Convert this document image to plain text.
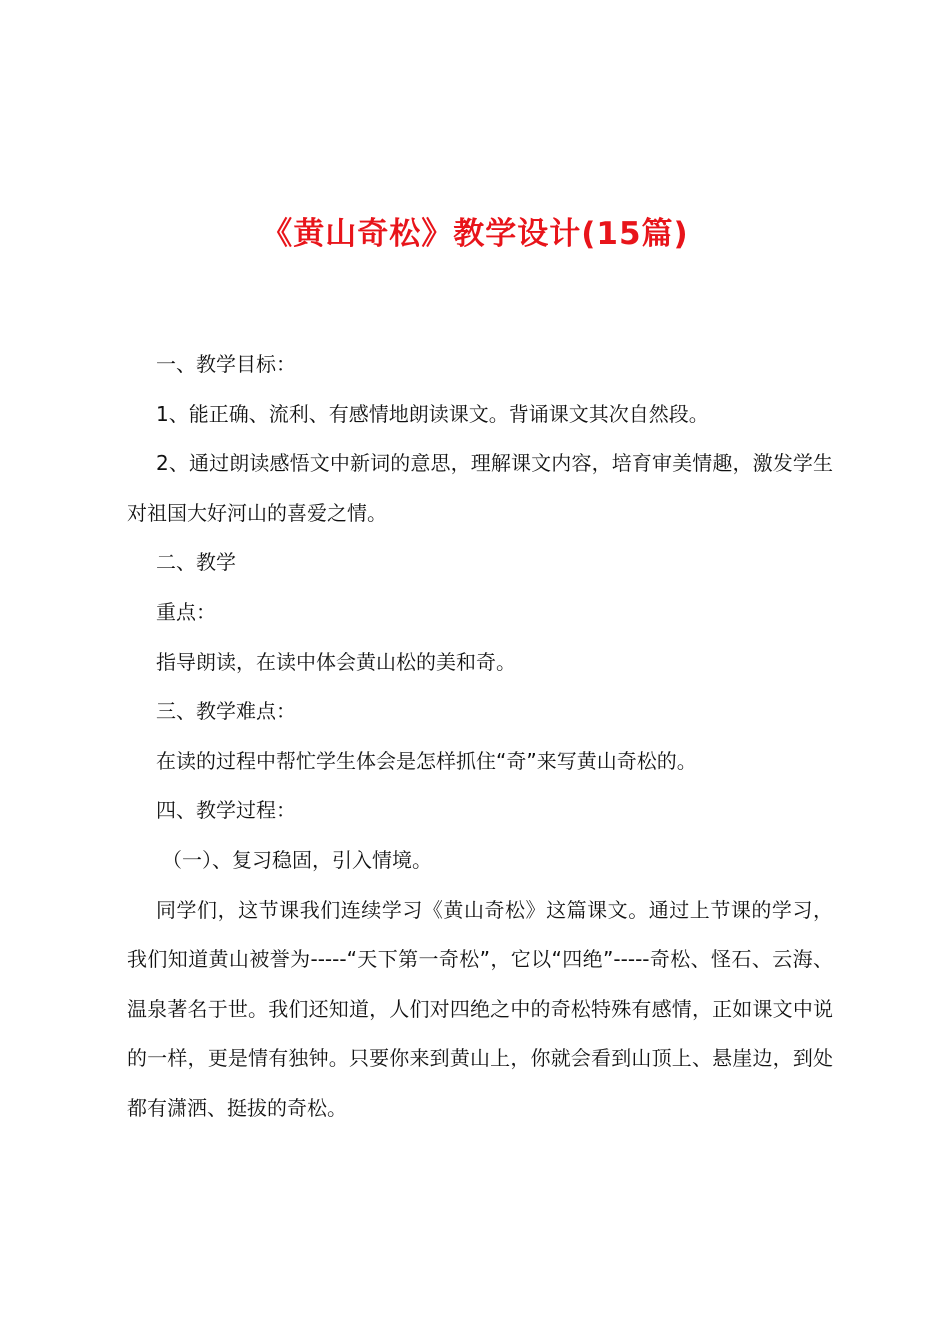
《黄山奇松》教学设计(15篇)

一、教学目标：

1、能正确、流利、有感情地朗读课文。背诵课文其次自然段。

2、通过朗读感悟文中新词的意思，理解课文内容，培育审美情趣，激发学生对祖国大好河山的喜爱之情。

二、教学

重点：

指导朗读，在读中体会黄山松的美和奇。

三、教学难点：

在读的过程中帮忙学生体会是怎样抓住“奇”来写黄山奇松的。

四、教学过程：

（一）、复习稳固，引入情境。

同学们，这节课我们连续学习《黄山奇松》这篇课文。通过上节课的学习，我们知道黄山被誉为-----“天下第一奇松”，它以“四绝”-----奇松、怪石、云海、温泉著名于世。我们还知道，人们对四绝之中的奇松特殊有感情，正如课文中说的一样，更是情有独钟。只要你来到黄山上，你就会看到山顶上、悬崖边，到处都有潇洒、挺拔的奇松。
